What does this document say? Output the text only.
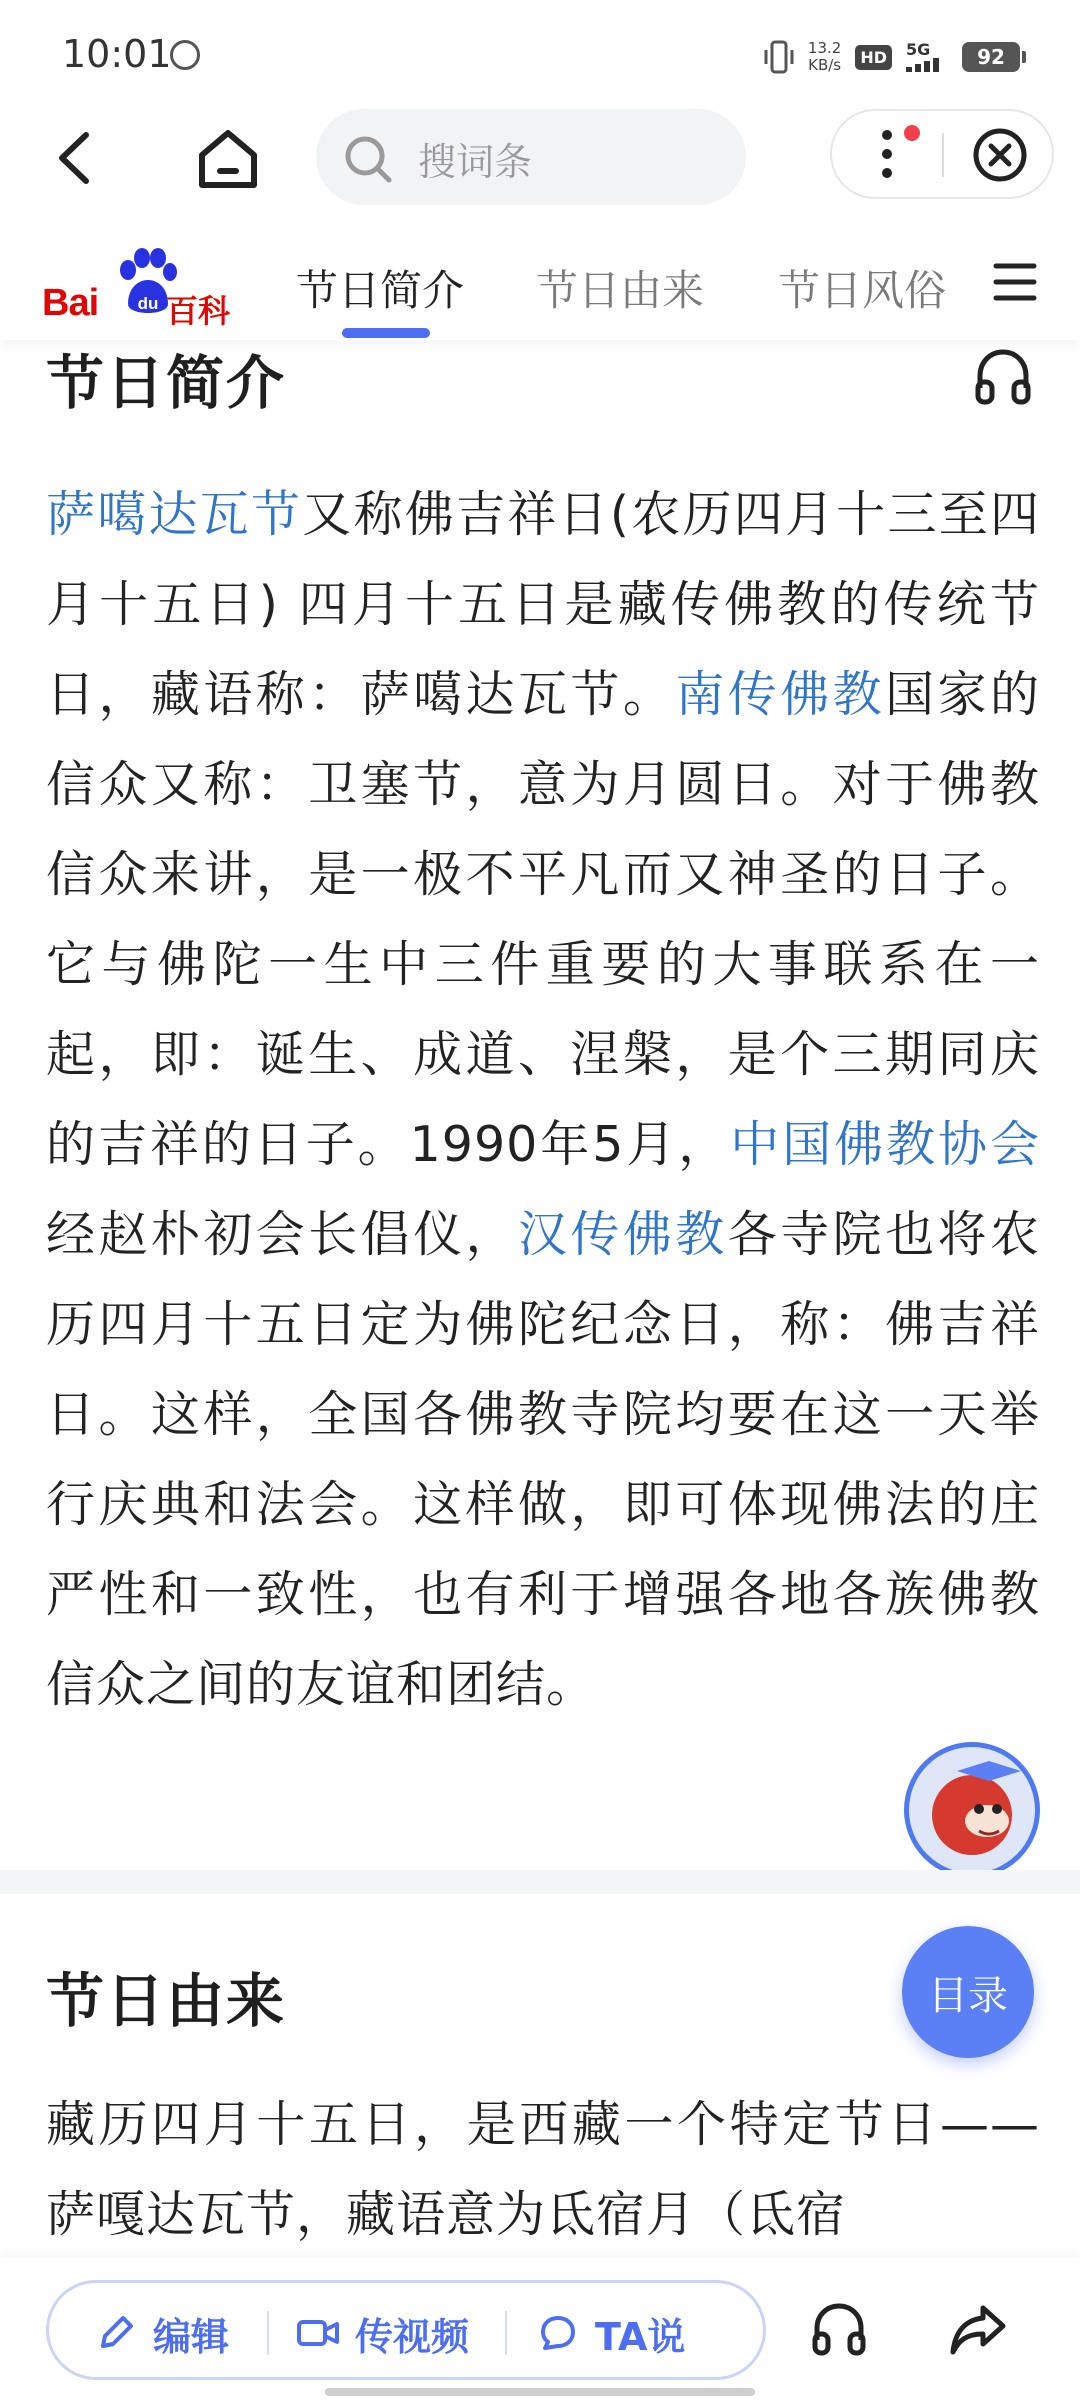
10:01	13.2
KB/s	HD	5G 92
搜词条
Bai du 百科 节日简介 节日由来 节日风俗
节日简介

萨噶达瓦节又称佛吉祥日(农历四月十三至四月十五日) 四月十五日是藏传佛教的传统节日，藏语称：萨噶达瓦节。南传佛教国家的信众又称：卫塞节，意为月圆日。对于佛教信众来讲，是一极不平凡而又神圣的日子。它与佛陀一生中三件重要的大事联系在一起，即：诞生、成道、涅槃，是个三期同庆的吉祥的日子。1990年5月，中国佛教协会经赵朴初会长倡仪，汉传佛教各寺院也将农历四月十五日定为佛陀纪念日，称：佛吉祥日。这样，全国各佛教寺院均要在这一天举行庆典和法会。这样做，即可体现佛法的庄严性和一致性，也有利于增强各地各族佛教信众之间的友谊和团结。

节日由来	目录

藏历四月十五日，是西藏一个特定节日——萨嘎达瓦节，藏语意为氐宿月（氐宿

编辑	传视频	TA说
